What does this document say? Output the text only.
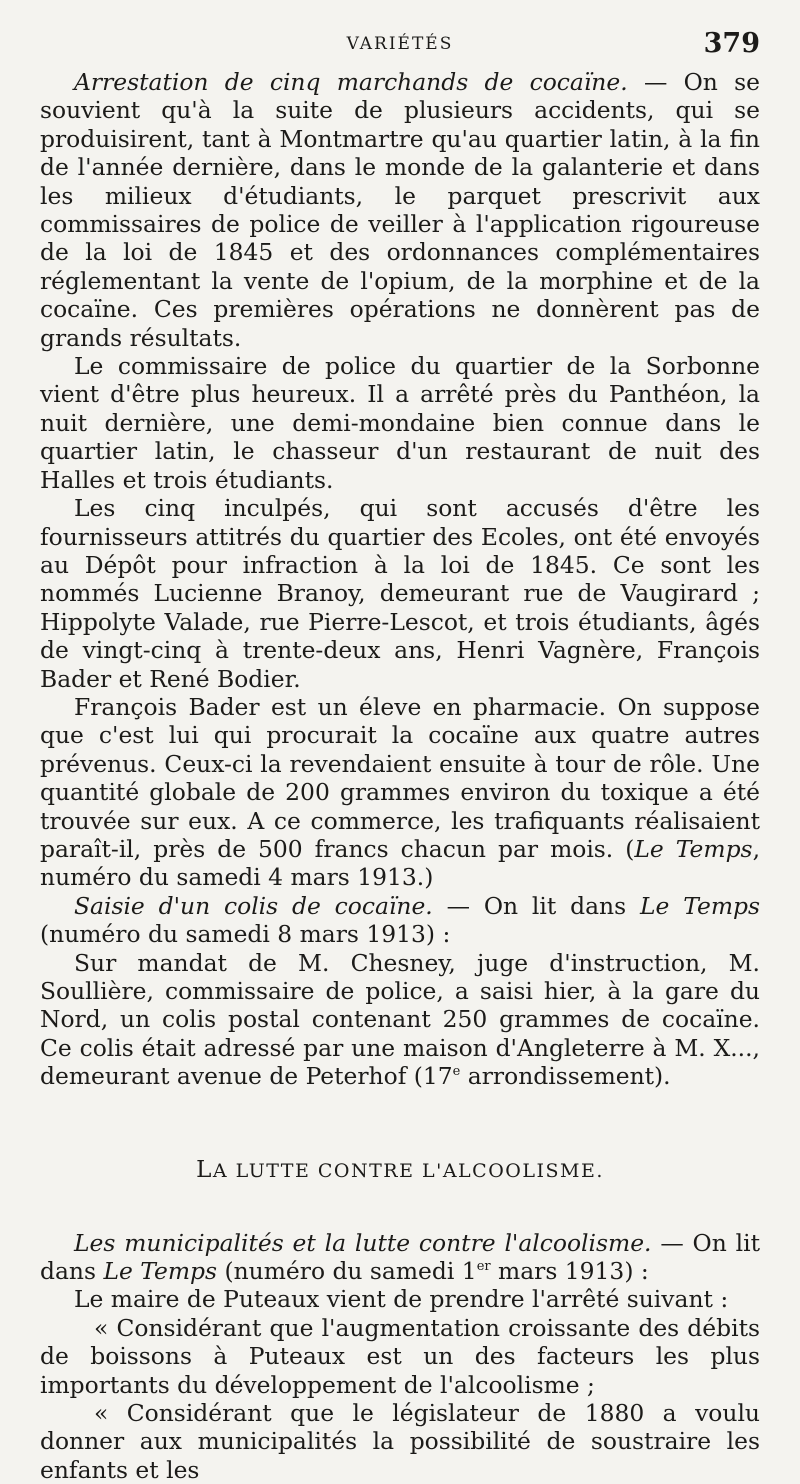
VARIÉTÉS	379

Arrestation de cinq marchands de cocaïne. — On se souvient qu'à la suite de plusieurs accidents, qui se produisirent, tant à Montmartre qu'au quartier latin, à la fin de l'année dernière, dans le monde de la galanterie et dans les milieux d'étudiants, le parquet prescrivit aux commissaires de police de veiller à l'application rigoureuse de la loi de 1845 et des ordonnances complémentaires réglementant la vente de l'opium, de la morphine et de la cocaïne. Ces premières opérations ne donnèrent pas de grands résultats.

Le commissaire de police du quartier de la Sorbonne vient d'être plus heureux. Il a arrêté près du Panthéon, la nuit dernière, une demi-mondaine bien connue dans le quartier latin, le chasseur d'un restaurant de nuit des Halles et trois étudiants.

Les cinq inculpés, qui sont accusés d'être les fournisseurs attitrés du quartier des Ecoles, ont été envoyés au Dépôt pour infraction à la loi de 1845. Ce sont les nommés Lucienne Branoy, demeurant rue de Vaugirard ; Hippolyte Valade, rue Pierre-Lescot, et trois étudiants, âgés de vingt-cinq à trente-deux ans, Henri Vagnère, François Bader et René Bodier.

François Bader est un éleve en pharmacie. On suppose que c'est lui qui procurait la cocaïne aux quatre autres prévenus. Ceux-ci la revendaient ensuite à tour de rôle. Une quantité globale de 200 grammes environ du toxique a été trouvée sur eux. A ce commerce, les trafiquants réalisaient paraît-il, près de 500 francs chacun par mois. (Le Temps, numéro du samedi 4 mars 1913.)

Saisie d'un colis de cocaïne. — On lit dans Le Temps (numéro du samedi 8 mars 1913) :

Sur mandat de M. Chesney, juge d'instruction, M. Soullière, commissaire de police, a saisi hier, à la gare du Nord, un colis postal contenant 250 grammes de cocaïne. Ce colis était adressé par une maison d'Angleterre à M. X..., demeurant avenue de Peterhof (17e arrondissement).

LA LUTTE CONTRE L'ALCOOLISME.

Les municipalités et la lutte contre l'alcoolisme. — On lit dans Le Temps (numéro du samedi 1er mars 1913) :

Le maire de Puteaux vient de prendre l'arrêté suivant :

« Considérant que l'augmentation croissante des débits de boissons à Puteaux est un des facteurs les plus importants du développement de l'alcoolisme ;

« Considérant que le législateur de 1880 a voulu donner aux municipalités la possibilité de soustraire les enfants et les
